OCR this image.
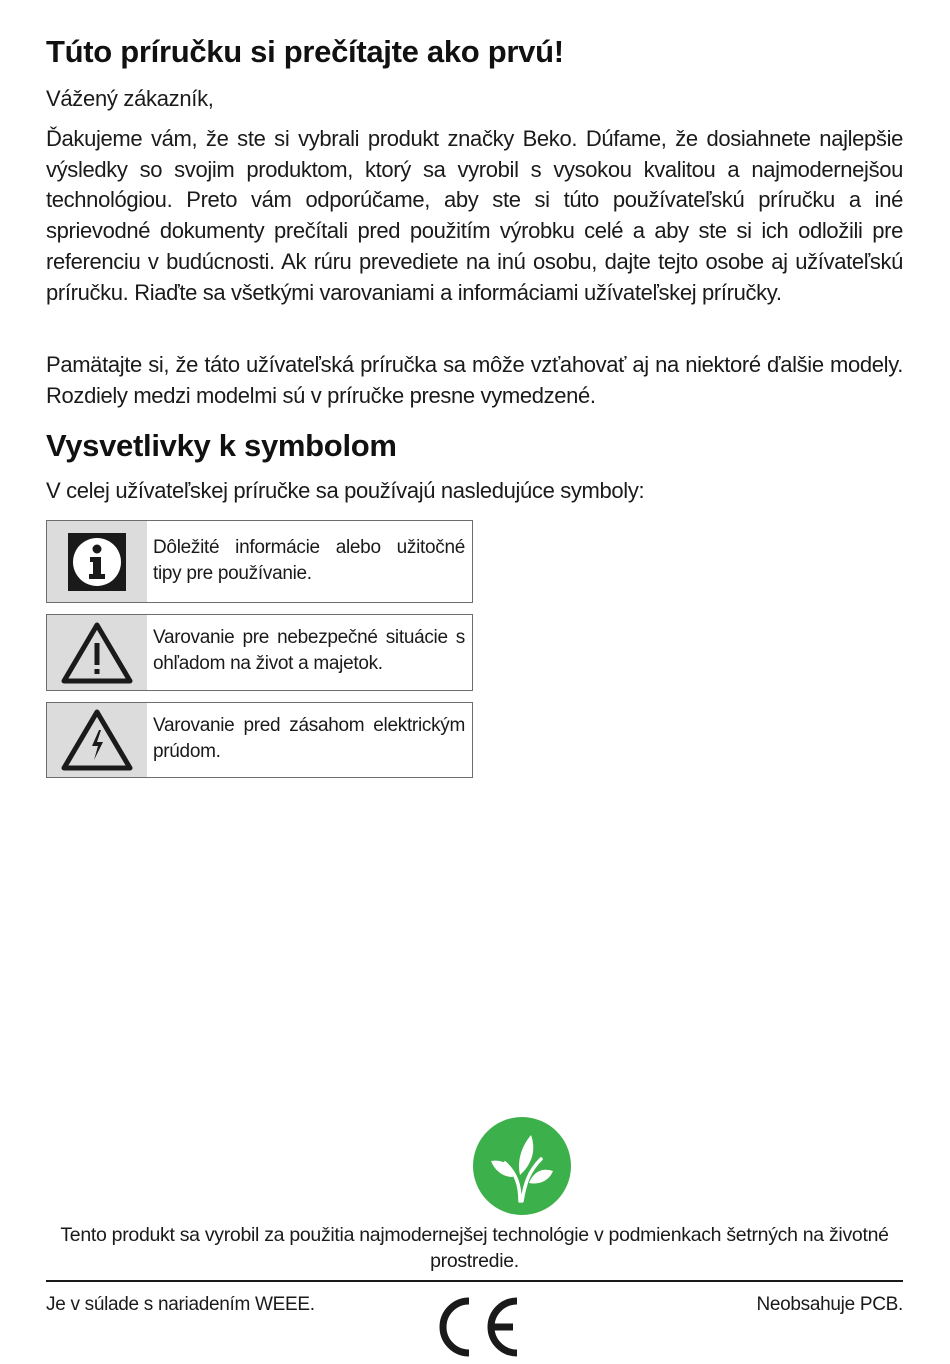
Túto príručku si prečítajte ako prvú!
Vážený zákazník,

Ďakujeme vám, že ste si vybrali produkt značky Beko. Dúfame, že dosiahnete najlepšie výsledky so svojim produktom, ktorý sa vyrobil s vysokou kvalitou a najmodernejšou technológiou. Preto vám odporúčame, aby ste si túto používateľskú príručku a iné sprievodné dokumenty prečítali pred použitím výrobku celé a aby ste si ich odložili pre referenciu v budúcnosti. Ak rúru prevediete na inú osobu, dajte tejto osobe aj užívateľskú príručku. Riaďte sa všetkými varovaniami a informáciami užívateľskej príručky.

Pamätajte si, že táto užívateľská príručka sa môže vzťahovať aj na niektoré ďalšie modely. Rozdiely medzi modelmi sú v príručke presne vymedzené.

Vysvetlivky k symbolom
V celej užívateľskej príručke sa používajú nasledujúce symboly:
Dôležité informácie alebo užitočné tipy pre používanie.
Varovanie pre nebezpečné situácie s ohľadom na život a majetok.
Varovanie pred zásahom elektrickým prúdom.
Tento produkt sa vyrobil za použitia najmodernejšej technológie v podmienkach šetrných na životné prostredie.
Je v súlade s nariadením WEEE.	Neobsahuje PCB.
